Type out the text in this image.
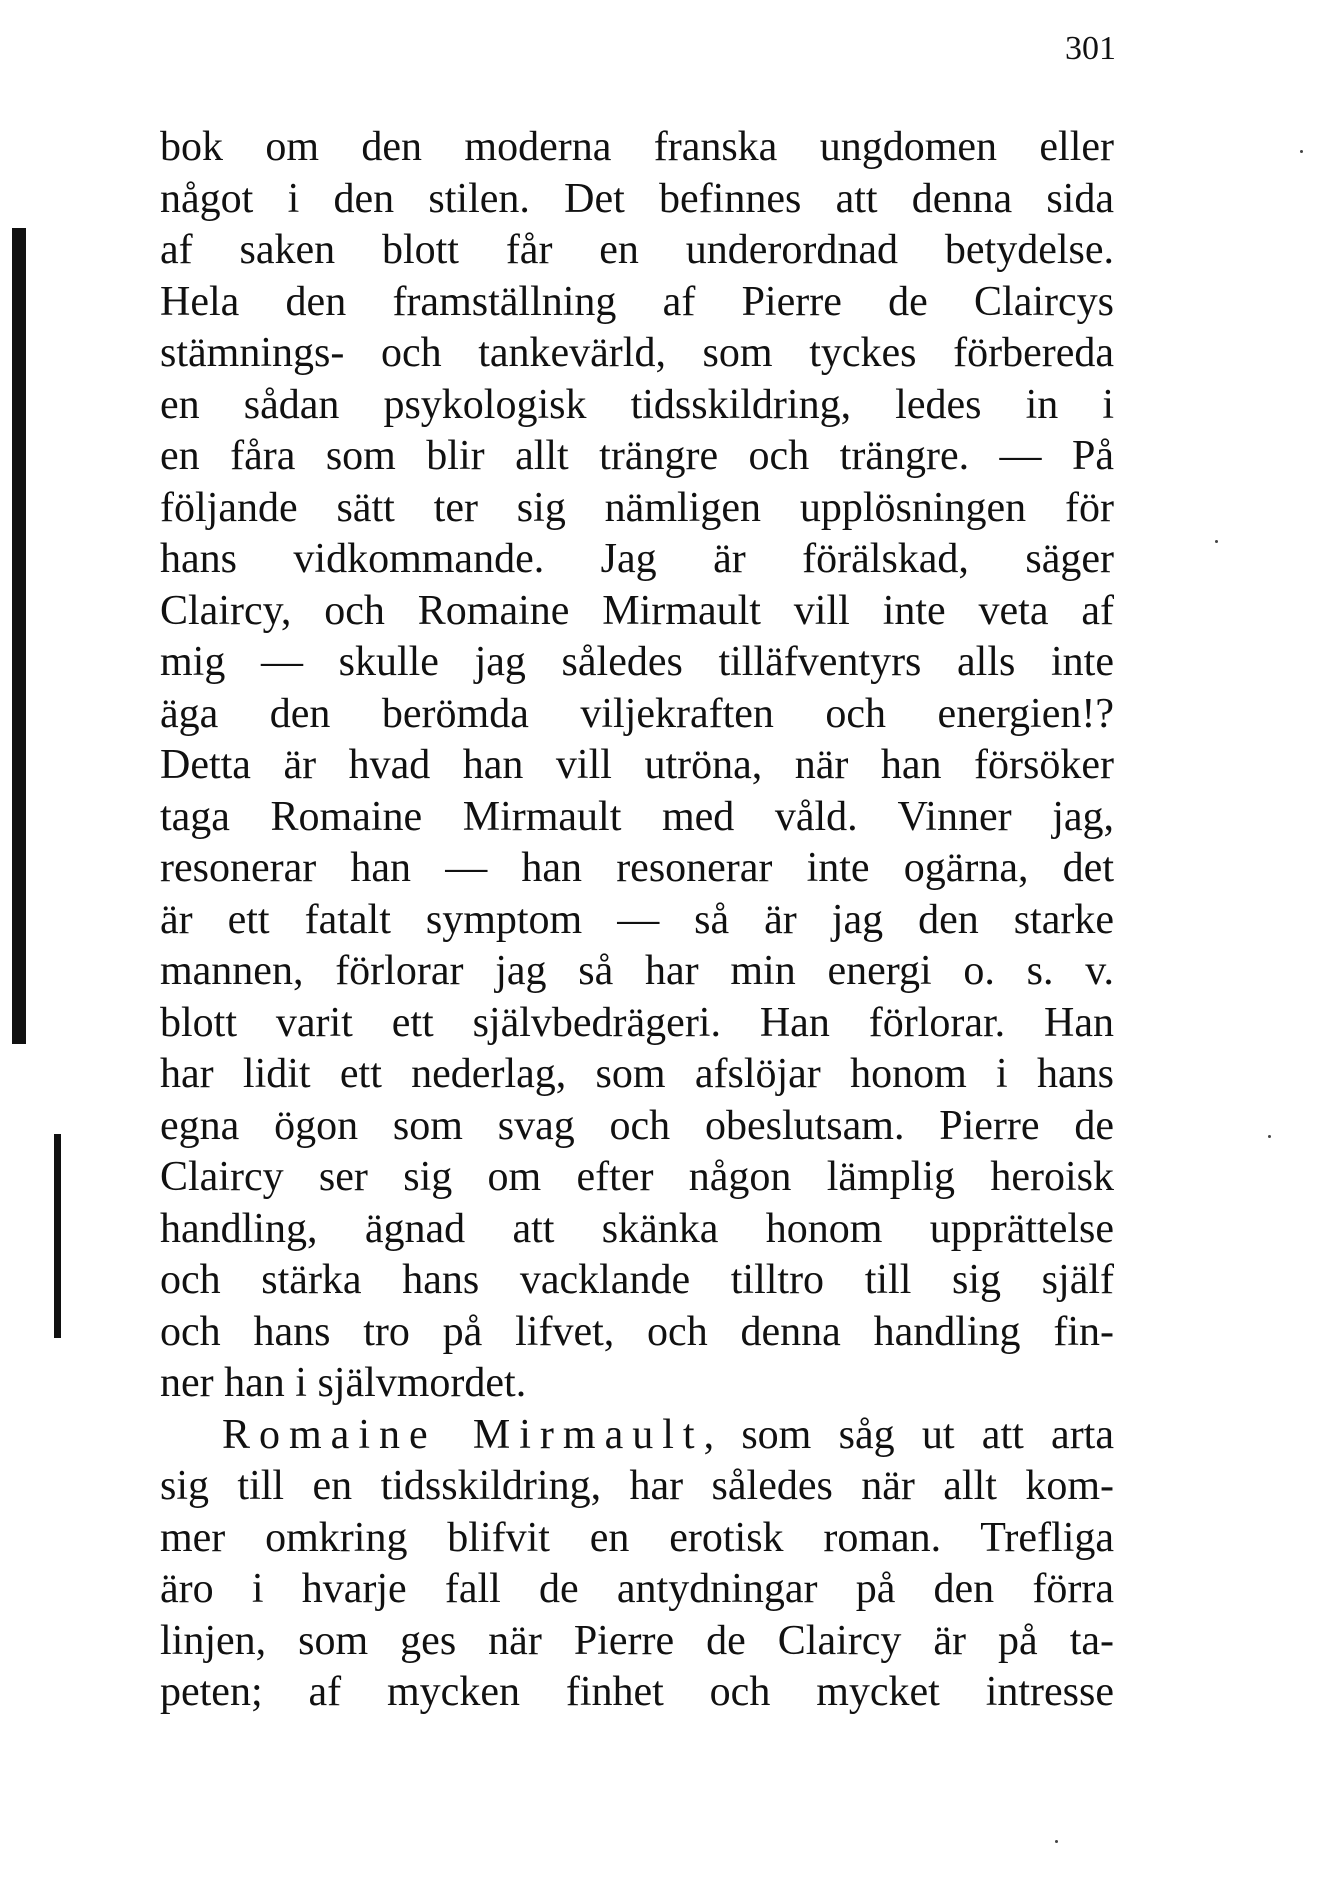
301
bok om den moderna franska ungdomen eller
något i den stilen. Det befinnes att denna sida
af saken blott får en underordnad betydelse.
Hela den framställning af Pierre de Claircys
stämnings- och tankevärld, som tyckes förbereda
en sådan psykologisk tidsskildring, ledes in i
en fåra som blir allt trängre och trängre. — På
följande sätt ter sig nämligen upplösningen för
hans vidkommande. Jag är förälskad, säger
Claircy, och Romaine Mirmault vill inte veta af
mig — skulle jag således tilläfventyrs alls inte
äga den berömda viljekraften och energien!?
Detta är hvad han vill utröna, när han försöker
taga Romaine Mirmault med våld. Vinner jag,
resonerar han — han resonerar inte ogärna, det
är ett fatalt symptom — så är jag den starke
mannen, förlorar jag så har min energi o. s. v.
blott varit ett självbedrägeri. Han förlorar. Han
har lidit ett nederlag, som afslöjar honom i hans
egna ögon som svag och obeslutsam. Pierre de
Claircy ser sig om efter någon lämplig heroisk
handling, ägnad att skänka honom upprättelse
och stärka hans vacklande tilltro till sig själf
och hans tro på lifvet, och denna handling fin-
ner han i självmordet.
Romaine Mirmault, som såg ut att arta
sig till en tidsskildring, har således när allt kom-
mer omkring blifvit en erotisk roman. Trefliga
äro i hvarje fall de antydningar på den förra
linjen, som ges när Pierre de Claircy är på ta-
peten; af mycken finhet och mycket intresse
